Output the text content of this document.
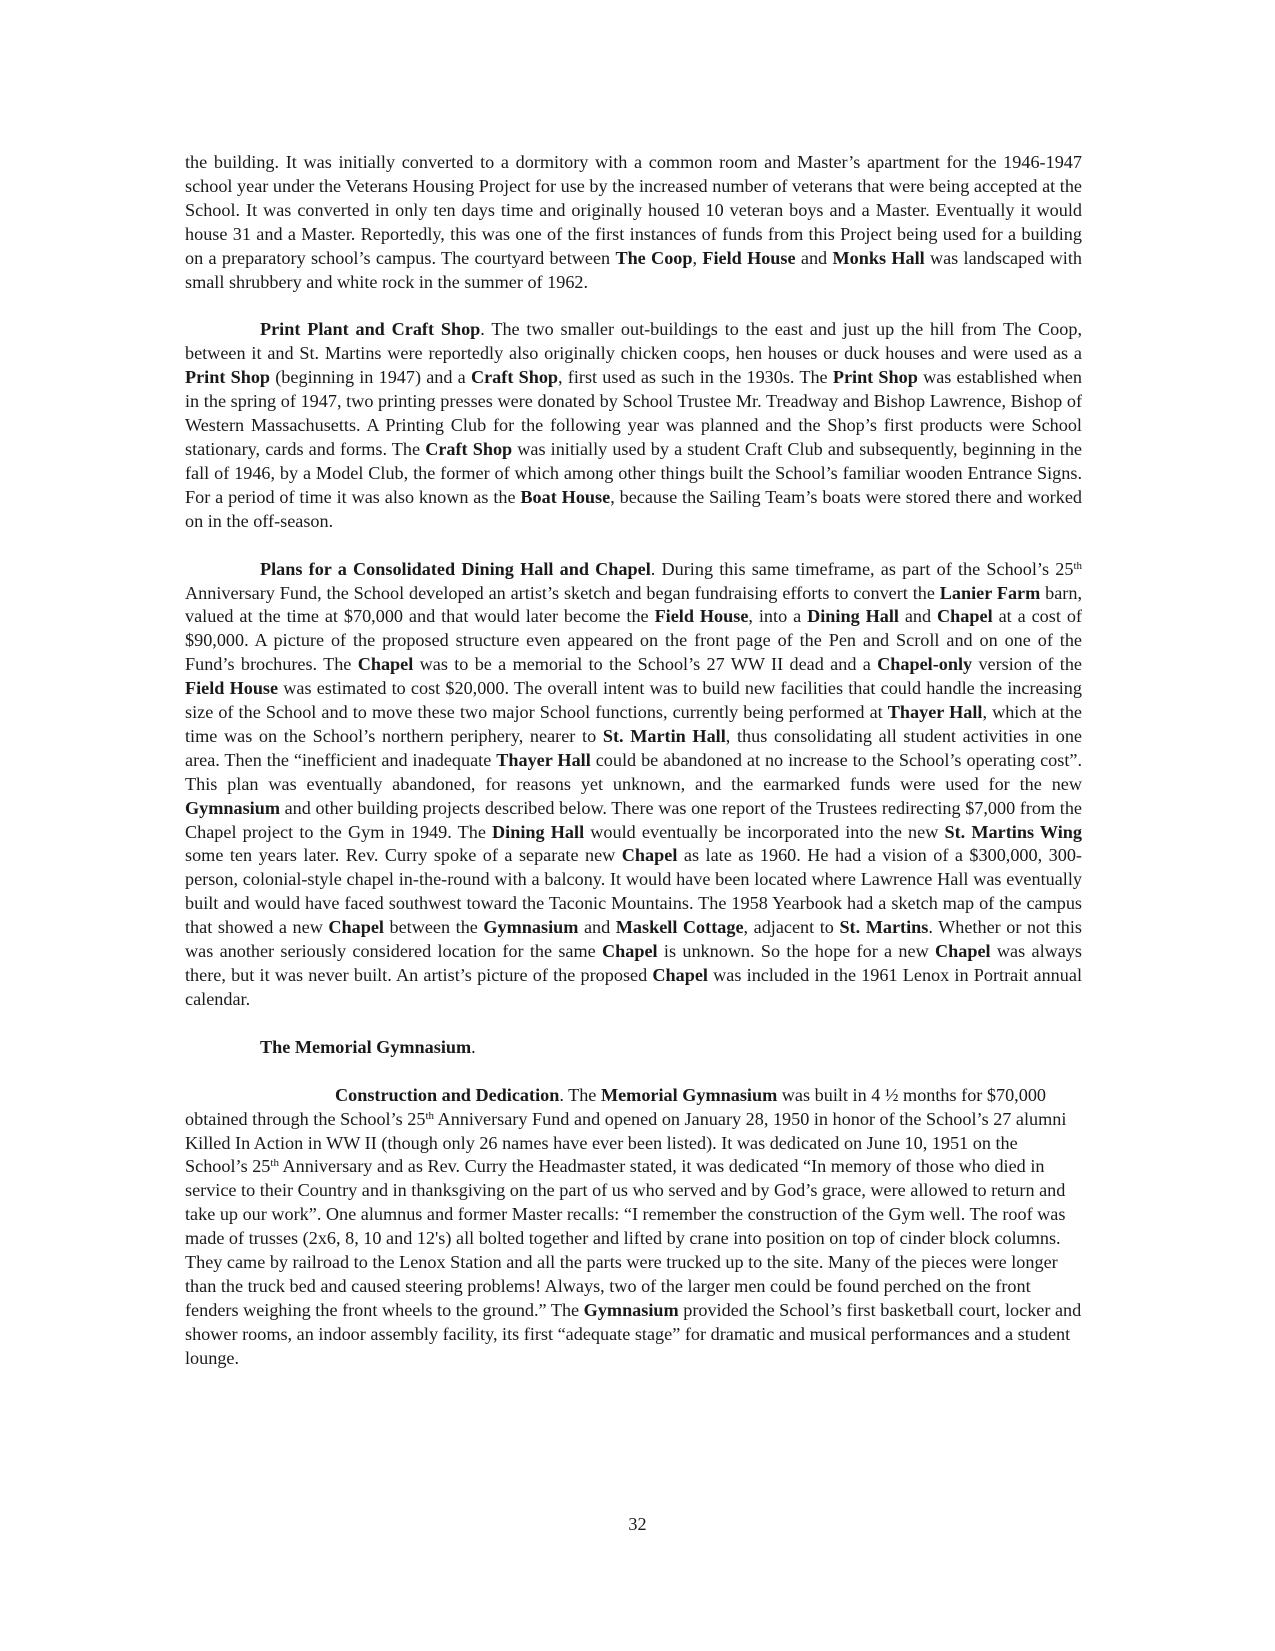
the building. It was initially converted to a dormitory with a common room and Master’s apartment for the 1946-1947 school year under the Veterans Housing Project for use by the increased number of veterans that were being accepted at the School. It was converted in only ten days time and originally housed 10 veteran boys and a Master. Eventually it would house 31 and a Master. Reportedly, this was one of the first instances of funds from this Project being used for a building on a preparatory school’s campus. The courtyard between The Coop, Field House and Monks Hall was landscaped with small shrubbery and white rock in the summer of 1962.

Print Plant and Craft Shop. The two smaller out-buildings to the east and just up the hill from The Coop, between it and St. Martins were reportedly also originally chicken coops, hen houses or duck houses and were used as a Print Shop (beginning in 1947) and a Craft Shop, first used as such in the 1930s. The Print Shop was established when in the spring of 1947, two printing presses were donated by School Trustee Mr. Treadway and Bishop Lawrence, Bishop of Western Massachusetts. A Printing Club for the following year was planned and the Shop’s first products were School stationary, cards and forms. The Craft Shop was initially used by a student Craft Club and subsequently, beginning in the fall of 1946, by a Model Club, the former of which among other things built the School’s familiar wooden Entrance Signs. For a period of time it was also known as the Boat House, because the Sailing Team’s boats were stored there and worked on in the off-season.

Plans for a Consolidated Dining Hall and Chapel. During this same timeframe, as part of the School’s 25th Anniversary Fund, the School developed an artist’s sketch and began fundraising efforts to convert the Lanier Farm barn, valued at the time at $70,000 and that would later become the Field House, into a Dining Hall and Chapel at a cost of $90,000. A picture of the proposed structure even appeared on the front page of the Pen and Scroll and on one of the Fund’s brochures. The Chapel was to be a memorial to the School’s 27 WW II dead and a Chapel-only version of the Field House was estimated to cost $20,000. The overall intent was to build new facilities that could handle the increasing size of the School and to move these two major School functions, currently being performed at Thayer Hall, which at the time was on the School’s northern periphery, nearer to St. Martin Hall, thus consolidating all student activities in one area. Then the “inefficient and inadequate Thayer Hall could be abandoned at no increase to the School’s operating cost”. This plan was eventually abandoned, for reasons yet unknown, and the earmarked funds were used for the new Gymnasium and other building projects described below. There was one report of the Trustees redirecting $7,000 from the Chapel project to the Gym in 1949. The Dining Hall would eventually be incorporated into the new St. Martins Wing some ten years later. Rev. Curry spoke of a separate new Chapel as late as 1960. He had a vision of a $300,000, 300-person, colonial-style chapel in-the-round with a balcony. It would have been located where Lawrence Hall was eventually built and would have faced southwest toward the Taconic Mountains. The 1958 Yearbook had a sketch map of the campus that showed a new Chapel between the Gymnasium and Maskell Cottage, adjacent to St. Martins. Whether or not this was another seriously considered location for the same Chapel is unknown. So the hope for a new Chapel was always there, but it was never built. An artist’s picture of the proposed Chapel was included in the 1961 Lenox in Portrait annual calendar.

The Memorial Gymnasium.

Construction and Dedication. The Memorial Gymnasium was built in 4 ½ months for $70,000 obtained through the School’s 25th Anniversary Fund and opened on January 28, 1950 in honor of the School’s 27 alumni Killed In Action in WW II (though only 26 names have ever been listed). It was dedicated on June 10, 1951 on the School’s 25th Anniversary and as Rev. Curry the Headmaster stated, it was dedicated “In memory of those who died in service to their Country and in thanksgiving on the part of us who served and by God’s grace, were allowed to return and take up our work”. One alumnus and former Master recalls: “I remember the construction of the Gym well. The roof was made of trusses (2x6, 8, 10 and 12's) all bolted together and lifted by crane into position on top of cinder block columns. They came by railroad to the Lenox Station and all the parts were trucked up to the site. Many of the pieces were longer than the truck bed and caused steering problems! Always, two of the larger men could be found perched on the front fenders weighing the front wheels to the ground.” The Gymnasium provided the School’s first basketball court, locker and shower rooms, an indoor assembly facility, its first “adequate stage” for dramatic and musical performances and a student lounge.

32
